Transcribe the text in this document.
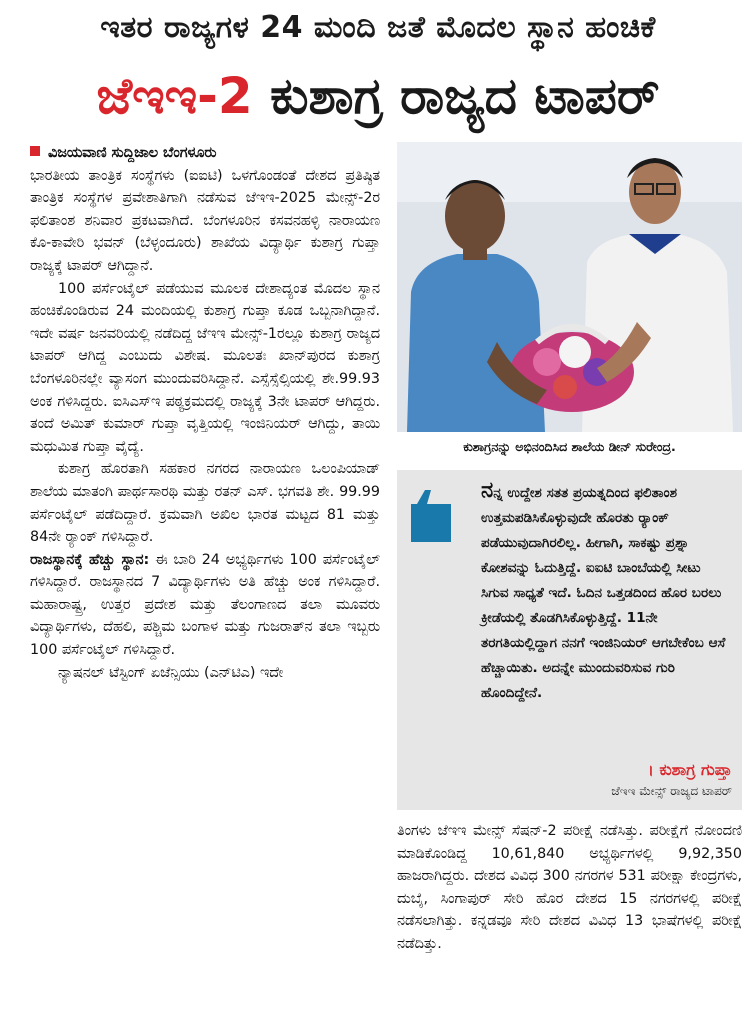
ಇತರ ರಾಜ್ಯಗಳ 24 ಮಂದಿ ಜತೆ ಮೊದಲ ಸ್ಥಾನ ಹಂಚಿಕೆ
ಜೆಇಇ-2 ಕುಶಾಗ್ರ ರಾಜ್ಯದ ಟಾಪರ್

ವಿಜಯವಾಣಿ ಸುದ್ದಿಜಾಲ ಬೆಂಗಳೂರು

ಭಾರತೀಯ ತಾಂತ್ರಿಕ ಸಂಸ್ಥೆಗಳು (ಐಐಟಿ) ಒಳಗೊಂಡಂತೆ ದೇಶದ ಪ್ರತಿಷ್ಠಿತ ತಾಂತ್ರಿಕ ಸಂಸ್ಥೆಗಳ ಪ್ರವೇಶಾತಿಗಾಗಿ ನಡೆಸುವ ಜೆಇಇ-2025 ಮೇನ್ಸ್-2ರ ಫಲಿತಾಂಶ ಶನಿವಾರ ಪ್ರಕಟವಾಗಿದೆ. ಬೆಂಗಳೂರಿನ ಕಸವನಹಳ್ಳಿ ನಾರಾಯಣ ಕೊ-ಕಾವೇರಿ ಭವನ್ (ಬೆಳ್ಳಂದೂರು) ಶಾಖೆಯ ವಿದ್ಯಾರ್ಥಿ ಕುಶಾಗ್ರ ಗುಪ್ತಾ ರಾಜ್ಯಕ್ಕೆ ಟಾಪರ್ ಆಗಿದ್ದಾನೆ.

100 ಪರ್ಸೆಂಟೈಲ್ ಪಡೆಯುವ ಮೂಲಕ ದೇಶಾದ್ಯಂತ ಮೊದಲ ಸ್ಥಾನ ಹಂಚಿಕೊಂಡಿರುವ 24 ಮಂದಿಯಲ್ಲಿ ಕುಶಾಗ್ರ ಗುಪ್ತಾ ಕೂಡ ಒಬ್ಬನಾಗಿದ್ದಾನೆ. ಇದೇ ವರ್ಷ ಜನವರಿಯಲ್ಲಿ ನಡೆದಿದ್ದ ಜೆಇಇ ಮೇನ್ಸ್-1ರಲ್ಲೂ ಕುಶಾಗ್ರ ರಾಜ್ಯದ ಟಾಪರ್ ಆಗಿದ್ದ ಎಂಬುದು ವಿಶೇಷ. ಮೂಲತಃ ಖಾನ್‌ಪುರದ ಕುಶಾಗ್ರ ಬೆಂಗಳೂರಿನಲ್ಲೇ ವ್ಯಾಸಂಗ ಮುಂದುವರಿಸಿದ್ದಾನೆ. ಎಸ್ಸೆಸ್ಸೆಲ್ಸಿಯಲ್ಲಿ ಶೇ.99.93 ಅಂಕ ಗಳಿಸಿದ್ದರು. ಐಸಿಎಸ್‌ಇ ಪಠ್ಯಕ್ರಮದಲ್ಲಿ ರಾಜ್ಯಕ್ಕೆ 3ನೇ ಟಾಪರ್ ಆಗಿದ್ದರು. ತಂದೆ ಅಮಿತ್ ಕುಮಾರ್ ಗುಪ್ತಾ ವೃತ್ತಿಯಲ್ಲಿ ಇಂಜಿನಿಯರ್ ಆಗಿದ್ದು, ತಾಯಿ ಮಧುಮಿತ ಗುಪ್ತಾ ವೈದ್ಯೆ.

ಕುಶಾಗ್ರ ಹೊರತಾಗಿ ಸಹಕಾರ ನಗರದ ನಾರಾಯಣ ಒಲಂಪಿಯಾಡ್ ಶಾಲೆಯ ಮಾತಂಗಿ ಪಾರ್ಥಸಾರಥಿ ಮತ್ತು ರತನ್ ಎಸ್. ಭಗವತಿ ಶೇ. 99.99 ಪರ್ಸೆಂಟೈಲ್ ಪಡೆದಿದ್ದಾರೆ. ಕ್ರಮವಾಗಿ ಅಖಿಲ ಭಾರತ ಮಟ್ಟದ 81 ಮತ್ತು 84ನೇ ರ‍್ಯಾಂಕ್ ಗಳಿಸಿದ್ದಾರೆ.

ರಾಜಸ್ಥಾನಕ್ಕೆ ಹೆಚ್ಚು ಸ್ಥಾನ: ಈ ಬಾರಿ 24 ಅಭ್ಯರ್ಥಿಗಳು 100 ಪರ್ಸೆಂಟೈಲ್ ಗಳಿಸಿದ್ದಾರೆ. ರಾಜಸ್ಥಾನದ 7 ವಿದ್ಯಾರ್ಥಿಗಳು ಅತಿ ಹೆಚ್ಚು ಅಂಕ ಗಳಿಸಿದ್ದಾರೆ. ಮಹಾರಾಷ್ಟ್ರ, ಉತ್ತರ ಪ್ರದೇಶ ಮತ್ತು ತೆಲಂಗಾಣದ ತಲಾ ಮೂವರು ವಿದ್ಯಾರ್ಥಿಗಳು, ದೆಹಲಿ, ಪಶ್ಚಿಮ ಬಂಗಾಳ ಮತ್ತು ಗುಜರಾತ್‌ನ ತಲಾ ಇಬ್ಬರು 100 ಪರ್ಸೆಂಟೈಲ್ ಗಳಿಸಿದ್ದಾರೆ.

ನ್ಯಾಷನಲ್ ಟೆಸ್ಟಿಂಗ್ ಏಜೆನ್ಸಿಯು (ಎನ್‌ಟಿಎ) ಇದೇ

ಕುಶಾಗ್ರನನ್ನು ಅಭಿನಂದಿಸಿದ ಶಾಲೆಯ ಡೀನ್ ಸುರೇಂದ್ರ.
ನನ್ನ ಉದ್ದೇಶ ಸತತ ಪ್ರಯತ್ನದಿಂದ ಫಲಿತಾಂಶ ಉತ್ತಮಪಡಿಸಿಕೊಳ್ಳುವುದೇ ಹೊರತು ರ‍್ಯಾಂಕ್ ಪಡೆಯುವುದಾಗಿರಲಿಲ್ಲ. ಹೀಗಾಗಿ, ಸಾಕಷ್ಟು ಪ್ರಶ್ನಾ ಕೋಶವನ್ನು ಓದುತ್ತಿದ್ದೆ. ಐಐಟಿ ಬಾಂಬೆಯಲ್ಲಿ ಸೀಟು ಸಿಗುವ ಸಾಧ್ಯತೆ ಇದೆ. ಓದಿನ ಒತ್ತಡದಿಂದ ಹೊರ ಬರಲು ಕ್ರೀಡೆಯಲ್ಲಿ ತೊಡಗಿಸಿಕೊಳ್ಳುತ್ತಿದ್ದೆ. 11ನೇ ತರಗತಿಯಲ್ಲಿದ್ದಾಗ ನನಗೆ ಇಂಜಿನಿಯರ್ ಆಗಬೇಕೆಂಬ ಆಸೆ ಹೆಚ್ಚಾಯಿತು. ಅದನ್ನೇ ಮುಂದುವರಿಸುವ ಗುರಿ ಹೊಂದಿದ್ದೇನೆ.
। ಕುಶಾಗ್ರ ಗುಪ್ತಾ
ಜೆಇಇ ಮೇನ್ಸ್ ರಾಜ್ಯದ ಟಾಪರ್

ತಿಂಗಳು ಜೆಇಇ ಮೇನ್ಸ್ ಸೆಷನ್-2 ಪರೀಕ್ಷೆ ನಡೆಸಿತ್ತು. ಪರೀಕ್ಷೆಗೆ ನೋಂದಣಿ ಮಾಡಿಕೊಂಡಿದ್ದ 10,61,840 ಅಭ್ಯರ್ಥಿಗಳಲ್ಲಿ 9,92,350 ಹಾಜರಾಗಿದ್ದರು. ದೇಶದ ವಿವಿಧ 300 ನಗರಗಳ 531 ಪರೀಕ್ಷಾ ಕೇಂದ್ರಗಳು, ದುಬೈ, ಸಿಂಗಾಪುರ್ ಸೇರಿ ಹೊರ ದೇಶದ 15 ನಗರಗಳಲ್ಲಿ ಪರೀಕ್ಷೆ ನಡೆಸಲಾಗಿತ್ತು. ಕನ್ನಡವೂ ಸೇರಿ ದೇಶದ ವಿವಿಧ 13 ಭಾಷೆಗಳಲ್ಲಿ ಪರೀಕ್ಷೆ ನಡೆದಿತ್ತು.
